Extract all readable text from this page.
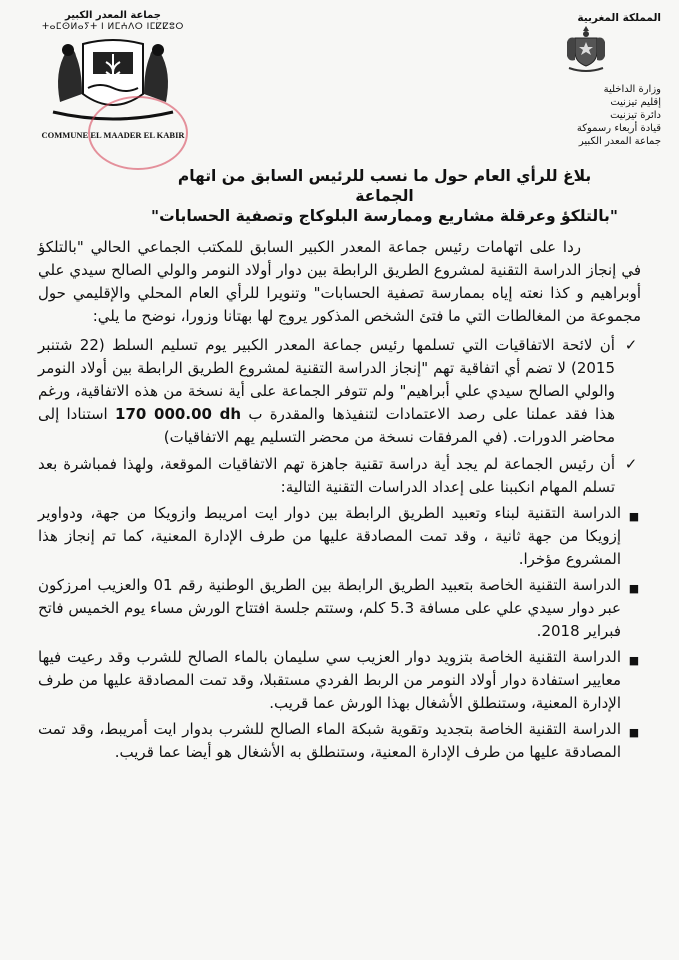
المملكة المغربية
وزارة الداخلية
إقليم تيزنيت
دائرة تيزنيت
قيادة أربعاء رسموكة
جماعة المعدر الكبير
جماعة المعدر الكبير
ⵜⴰⵎⵙⵍⴰⵢⵜ ⵏ ⵍⵎⵄⴷⵔ ⵏⵎⵇⵇⵓⵔ
COMMUNE EL MAADER EL KABIR
بلاغ للرأي العام حول ما نسب للرئيس السابق من اتهام الجماعة
"بالتلكؤ وعرقلة مشاريع وممارسة البلوكاج وتصفية الحسابات"

ردا على اتهامات رئيس جماعة المعدر الكبير السابق للمكتب الجماعي الحالي "بالتلكؤ في إنجاز الدراسة التقنية لمشروع الطريق الرابطة بين دوار أولاد النومر والولي الصالح سيدي علي أوبراهيم و كذا نعته إياه بممارسة تصفية الحسابات" وتنويرا للرأي العام المحلي والإقليمي حول مجموعة من المغالطات التي ما فتئ الشخص المذكور يروج لها بهتانا وزورا، نوضح ما يلي:

✓
أن لائحة الاتفاقيات التي تسلمها رئيس جماعة المعدر الكبير يوم تسليم السلط (22 شتنبر 2015) لا تضم أي اتفاقية تهم "إنجاز الدراسة التقنية لمشروع الطريق الرابطة بين أولاد النومر والولي الصالح سيدي علي أبراهيم" ولم تتوفر الجماعة على أية نسخة من هذه الاتفاقية، ورغم هذا فقد عملنا على رصد الاعتمادات لتنفيذها والمقدرة ب 170 000.00 dh استنادا إلى محاضر الدورات. (في المرفقات نسخة من محضر التسليم يهم الاتفاقيات)
✓
أن رئيس الجماعة لم يجد أية دراسة تقنية جاهزة تهم الاتفاقيات الموقعة، ولهذا فمباشرة بعد تسلم المهام انكببنا على إعداد الدراسات التقنية التالية:
■
الدراسة التقنية لبناء وتعبيد الطريق الرابطة بين دوار ايت امريبط وازويكا من جهة، ودواوير إزويكا من جهة ثانية ، وقد تمت المصادقة عليها من طرف الإدارة المعنية، كما تم إنجاز هذا المشروع مؤخرا.
■
الدراسة التقنية الخاصة بتعبيد الطريق الرابطة بين الطريق الوطنية رقم 01 والعزيب امرزكون عبر دوار سيدي علي على مسافة 5.3 كلم، وستتم جلسة افتتاح الورش مساء يوم الخميس فاتح فبراير 2018.
■
الدراسة التقنية الخاصة بتزويد دوار العزيب سي سليمان بالماء الصالح للشرب وقد رعيت فيها معايير استفادة دوار أولاد النومر من الربط الفردي مستقبلا، وقد تمت المصادقة عليها من طرف الإدارة المعنية، وستنطلق الأشغال بهذا الورش عما قريب.
■
الدراسة التقنية الخاصة بتجديد وتقوية شبكة الماء الصالح للشرب بدوار ايت أمريبط، وقد تمت المصادقة عليها من طرف الإدارة المعنية، وستنطلق به الأشغال هو أيضا عما قريب.
